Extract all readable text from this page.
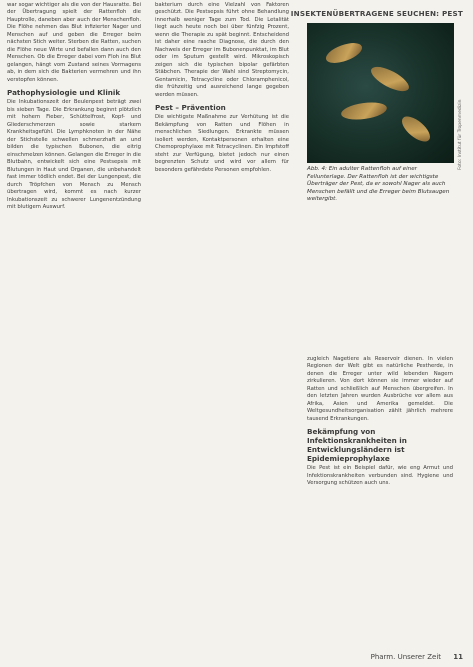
INSEKTENÜBERTRAGENE SEUCHEN: PEST

war sogar wichtiger als die von der Hausratte. Bei der Übertragung spielt der Rattenfloh die Hauptrolle, daneben aber auch der Menschenfloh. Die Flöhe nehmen das Blut infizierter Nager und Menschen auf und geben die Erreger beim nächsten Stich weiter. Sterben die Ratten, suchen die Flöhe neue Wirte und befallen dann auch den Menschen. Ob die Erreger dabei vom Floh ins Blut gelangen, hängt vom Zustand seines Vormagens ab, in dem sich die Bakterien vermehren und ihn verstopfen können.

Pathophysiologie und Klinik

Die Inkubationszeit der Beulenpest beträgt zwei bis sieben Tage. Die Erkrankung beginnt plötzlich mit hohem Fieber, Schüttelfrost, Kopf- und Gliederschmerzen sowie starkem Krankheitsgefühl. Die Lymphknoten in der Nähe der Stichstelle schwellen schmerzhaft an und bilden die typischen Bubonen, die eitrig einschmelzen können. Gelangen die Erreger in die Blutbahn, entwickelt sich eine Pestsepsis mit Blutungen in Haut und Organen, die unbehandelt fast immer tödlich endet. Bei der Lungenpest, die durch Tröpfchen von Mensch zu Mensch übertragen wird, kommt es nach kurzer Inkubationszeit zu schwerer Lungenentzündung mit blutigem Auswurf.

bakterium durch eine Vielzahl von Faktoren geschützt. Die Pestsepsis führt ohne Behandlung innerhalb weniger Tage zum Tod. Die Letalität liegt auch heute noch bei über fünfzig Prozent, wenn die Therapie zu spät beginnt. Entscheidend ist daher eine rasche Diagnose, die durch den Nachweis der Erreger im Bubonenpunktat, im Blut oder im Sputum gestellt wird. Mikroskopisch zeigen sich die typischen bipolar gefärbten Stäbchen. Therapie der Wahl sind Streptomycin, Gentamicin, Tetracycline oder Chloramphenicol, die frühzeitig und ausreichend lange gegeben werden müssen.

Pest – Prävention

Die wichtigste Maßnahme zur Verhütung ist die Bekämpfung von Ratten und Flöhen in menschlichen Siedlungen. Erkrankte müssen isoliert werden, Kontaktpersonen erhalten eine Chemoprophylaxe mit Tetracyclinen. Ein Impfstoff steht zur Verfügung, bietet jedoch nur einen begrenzten Schutz und wird vor allem für besonders gefährdete Personen empfohlen.	Foto: Institut für Tropenmedizin
Abb. 4: Ein adulter Rattenfloh auf einer Fellunterlage. Der Rattenfloh ist der wichtigste Überträger der Pest, da er sowohl Nager als auch Menschen befällt und die Erreger beim Blutsaugen weitergibt.

zugleich Nagetiere als Reservoir dienen. In vielen Regionen der Welt gibt es natürliche Pestherde, in denen die Erreger unter wild lebenden Nagern zirkulieren. Von dort können sie immer wieder auf Ratten und schließlich auf Menschen übergreifen. In den letzten Jahren wurden Ausbrüche vor allem aus Afrika, Asien und Amerika gemeldet. Die Weltgesundheitsorganisation zählt jährlich mehrere tausend Erkrankungen.

Bekämpfung von Infektionskrankheiten in Entwicklungsländern ist Epidemieprophylaxe

Die Pest ist ein Beispiel dafür, wie eng Armut und Infektionskrankheiten verbunden sind. Hygiene und Versorgung schützen auch uns.

Pharm. Unserer Zeit 11
